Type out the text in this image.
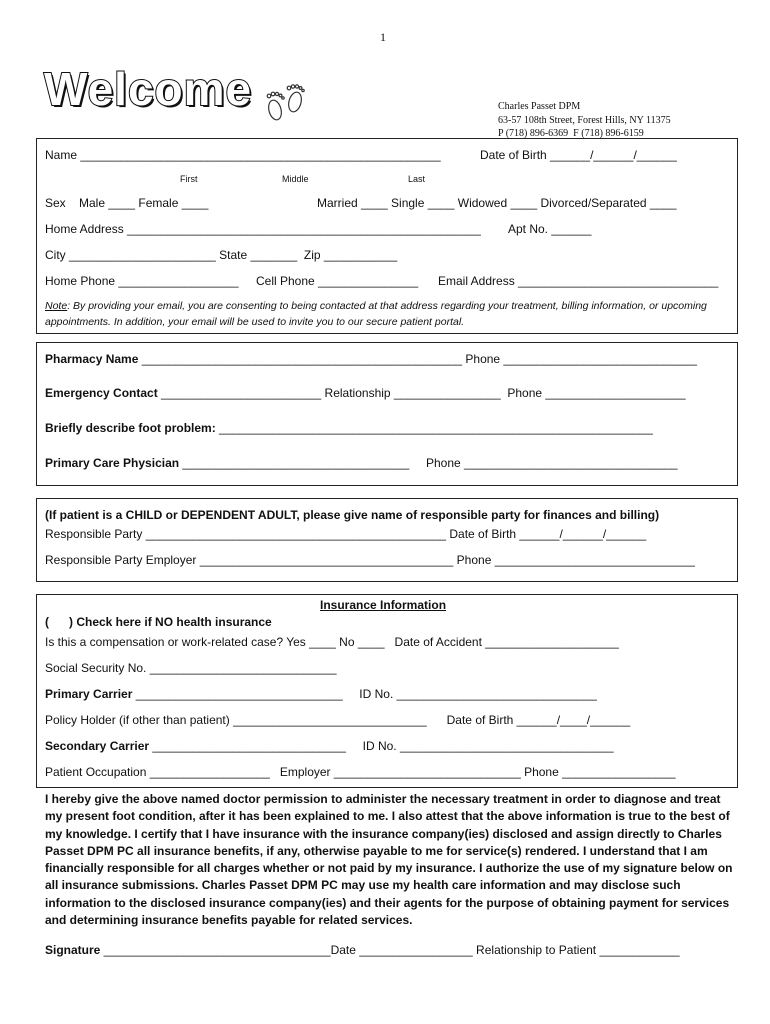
1
Welcome

	Charles Passet DPM
63-57 108th Street, Forest Hills, NY 11375
P (718) 896-6369  F (718) 896-6159
Name ______________________________________________________	Date of Birth ______/______/______
First	Middle	Last
Sex    Male ____ Female ____	Married ____ Single ____ Widowed ____ Divorced/Separated ____
Home Address _____________________________________________________ Apt No. ______
City ______________________ State _______  Zip ___________
Home Phone __________________ Cell Phone _______________ Email Address ______________________________
Note: By providing your email, you are consenting to being contacted at that address regarding your treatment, billing information, or upcoming appointments. In addition, your email will be used to invite you to our secure patient portal.
Pharmacy Name ________________________________________________ Phone _____________________________
Emergency Contact ________________________ Relationship ________________  Phone _____________________
Briefly describe foot problem: _________________________________________________________________
Primary Care Physician __________________________________     Phone ________________________________
(If patient is a CHILD or DEPENDENT ADULT, please give name of responsible party for finances and billing)
Responsible Party _____________________________________________ Date of Birth ______/______/______
Responsible Party Employer ______________________________________ Phone ______________________________
Insurance Information
(      ) Check here if NO health insurance
Is this a compensation or work-related case? Yes ____ No ____   Date of Accident ____________________
Social Security No. ____________________________
Primary Carrier _______________________________     ID No. ______________________________
Policy Holder (if other than patient) _____________________________      Date of Birth ______/____/______
Secondary Carrier _____________________________     ID No. ________________________________
Patient Occupation __________________   Employer ____________________________ Phone _________________
I hereby give the above named doctor permission to administer the necessary treatment in order to diagnose and treat my present foot condition, after it has been explained to me. I also attest that the above information is true to the best of my knowledge. I certify that I have insurance with the insurance company(ies) disclosed and assign directly to Charles Passet DPM PC all insurance benefits, if any, otherwise payable to me for service(s) rendered. I understand that I am financially responsible for all charges whether or not paid by my insurance. I authorize the use of my signature below on all insurance submissions. Charles Passet DPM PC may use my health care information and may disclose such information to the disclosed insurance company(ies) and their agents for the purpose of obtaining payment for services and determining insurance benefits payable for related services.
Signature __________________________________Date _________________ Relationship to Patient ____________
